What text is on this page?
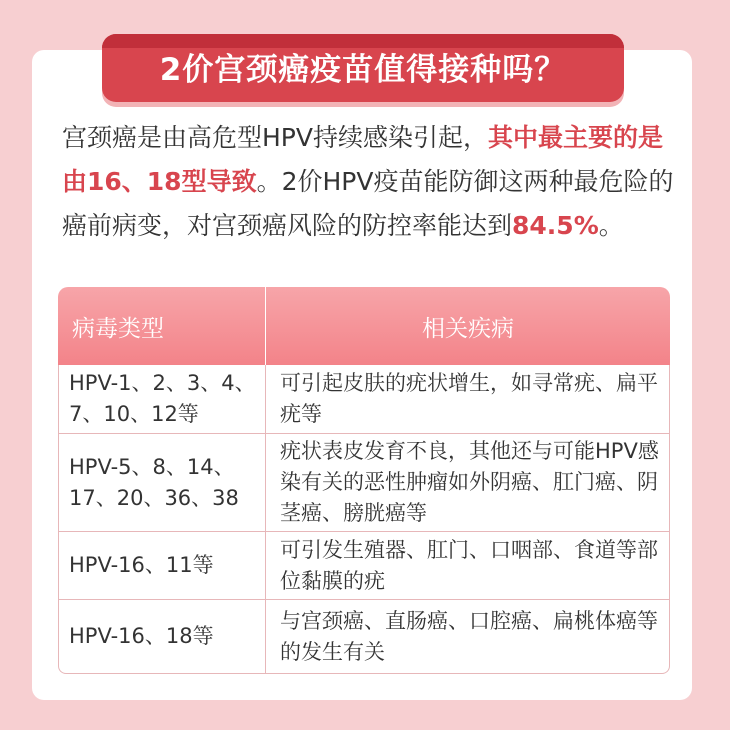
2价宫颈癌疫苗值得接种吗？
宫颈癌是由高危型HPV持续感染引起，其中最主要的是由16、18型导致。2价HPV疫苗能防御这两种最危险的癌前病变，对宫颈癌风险的防控率能达到84.5%。
病毒类型	相关疾病
HPV-1、2、3、4、7、10、12等	可引起皮肤的疣状增生，如寻常疣、扁平疣等
HPV-5、8、14、17、20、36、38	疣状表皮发育不良，其他还与可能HPV感染有关的恶性肿瘤如外阴癌、肛门癌、阴茎癌、膀胱癌等
HPV-16、11等	可引发生殖器、肛门、口咽部、食道等部位黏膜的疣
HPV-16、18等	与宫颈癌、直肠癌、口腔癌、扁桃体癌等的发生有关
